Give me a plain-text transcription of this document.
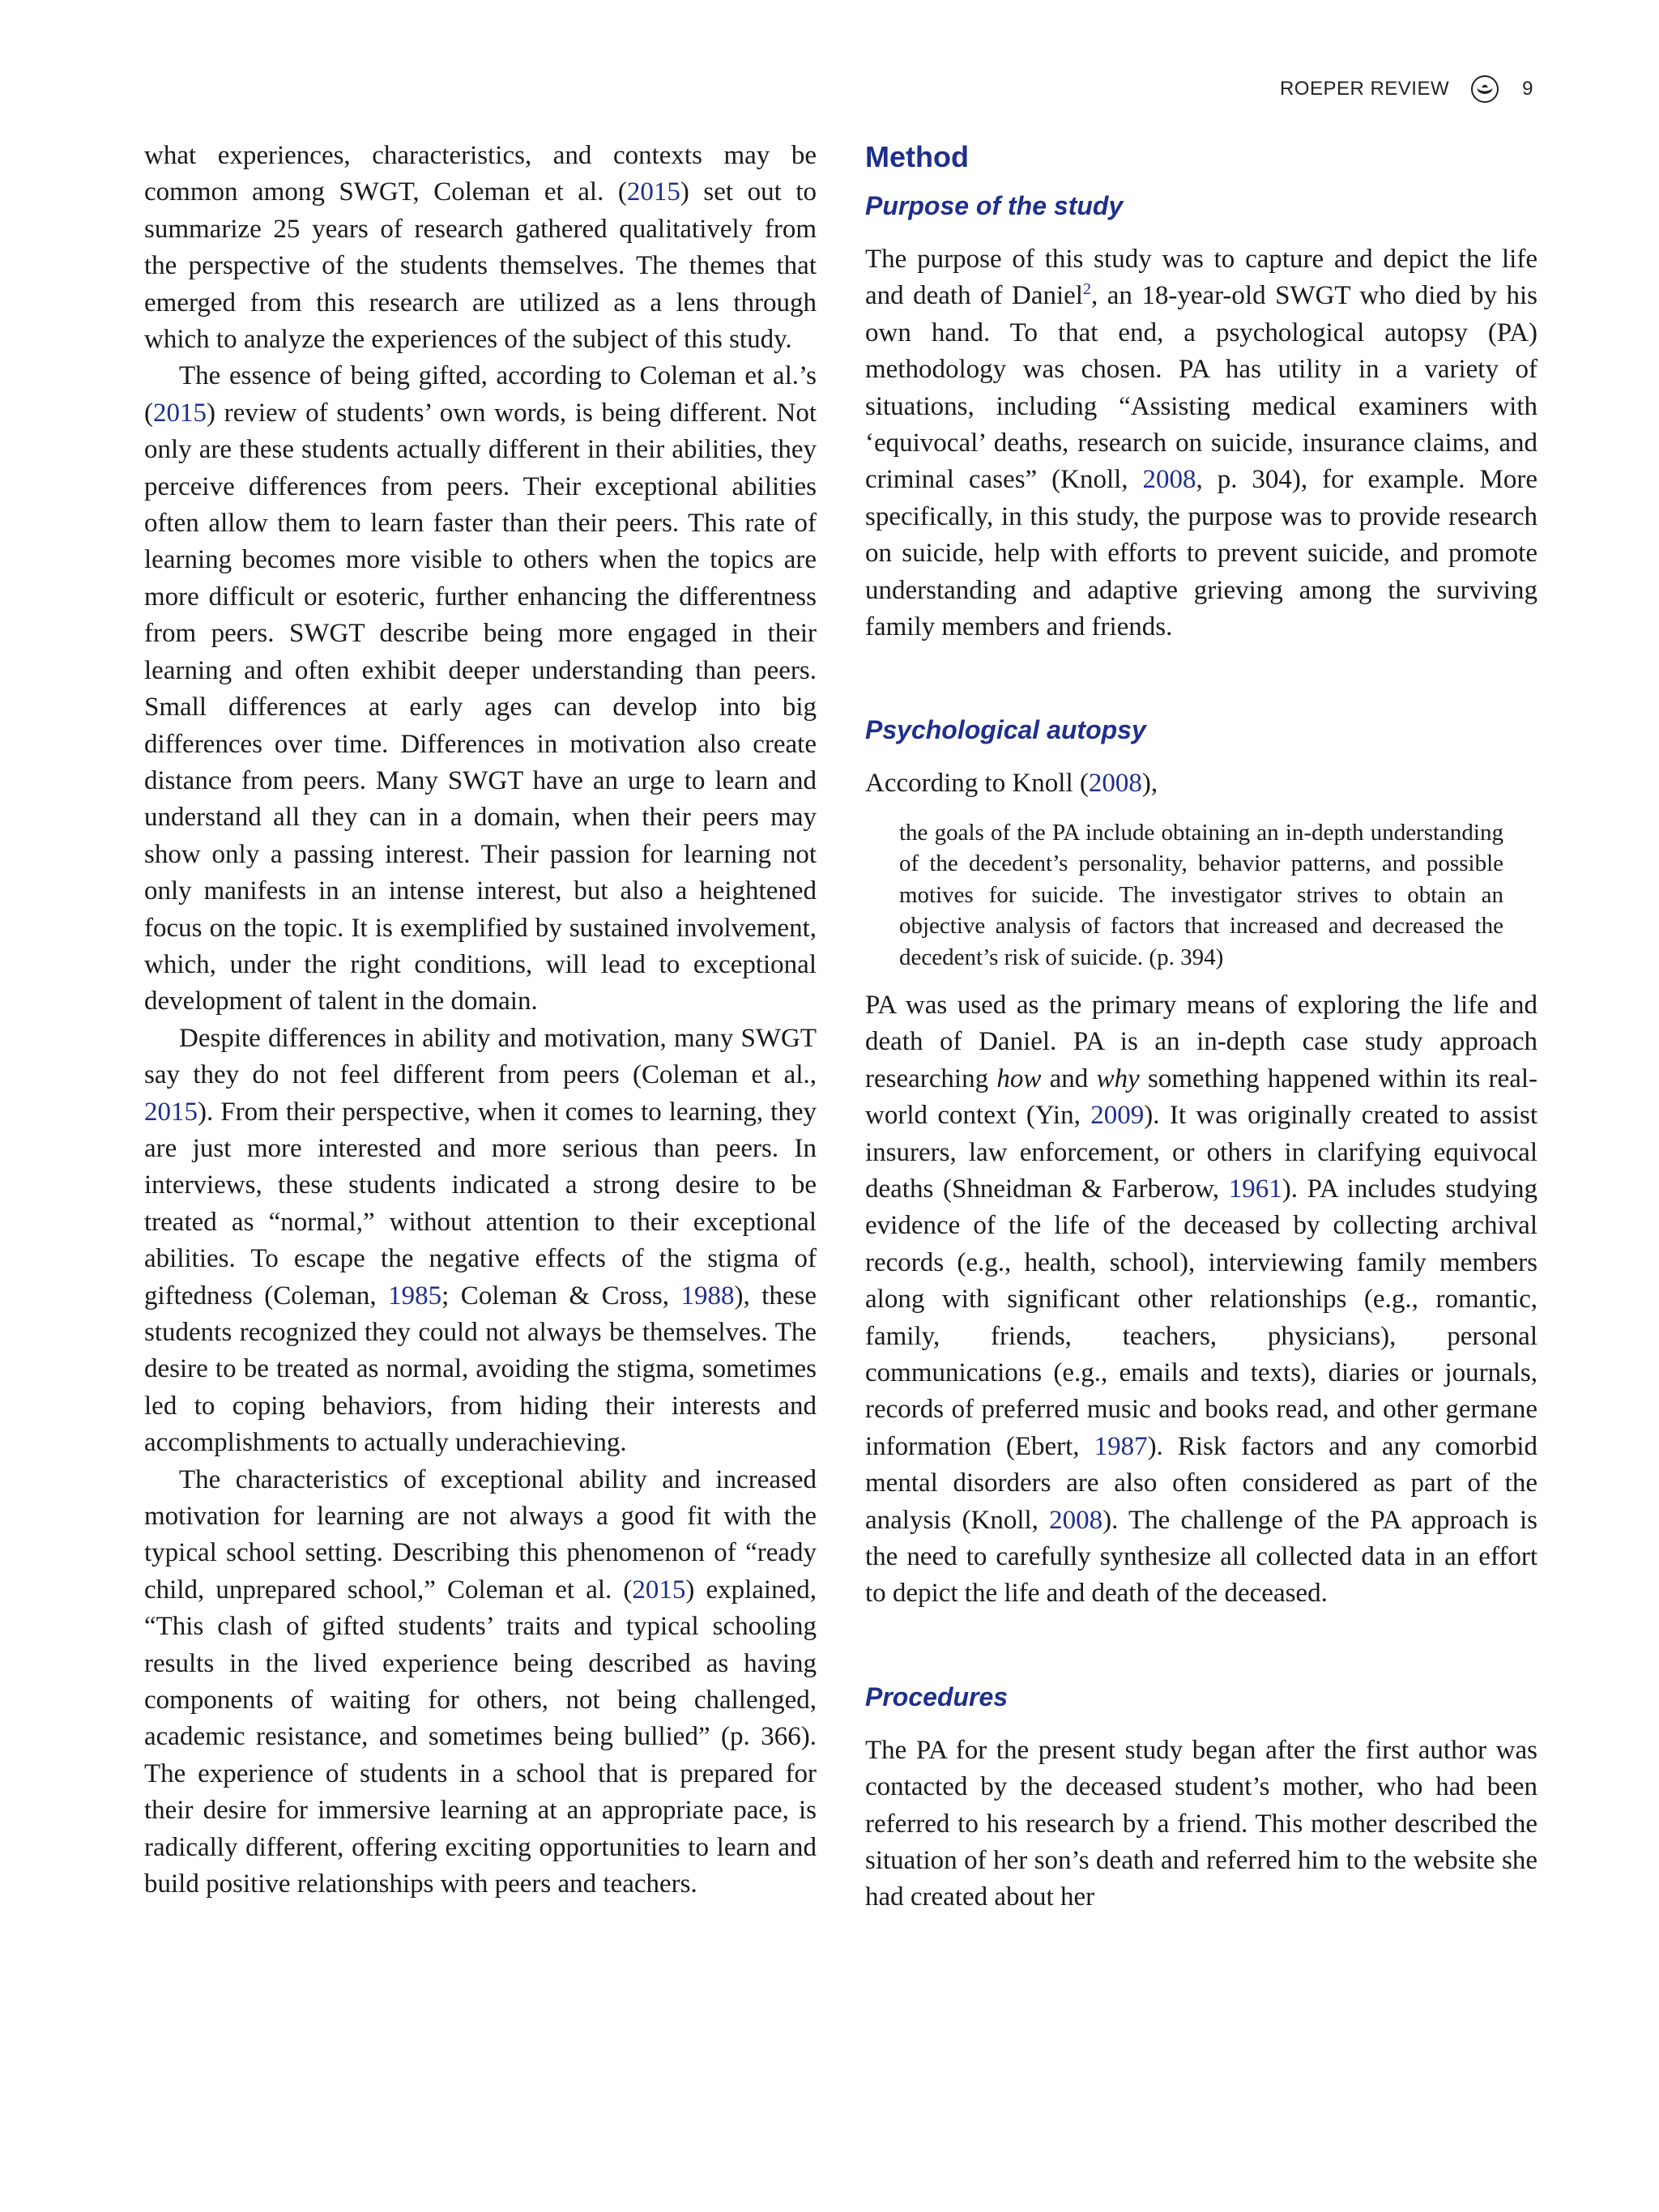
ROEPER REVIEW	9

what experiences, characteristics, and contexts may be common among SWGT, Coleman et al. (2015) set out to summarize 25 years of research gathered qualitatively from the perspective of the students themselves. The themes that emerged from this research are utilized as a lens through which to analyze the experiences of the subject of this study.

The essence of being gifted, according to Coleman et al.’s (2015) review of students’ own words, is being different. Not only are these students actually different in their abilities, they perceive differences from peers. Their exceptional abilities often allow them to learn faster than their peers. This rate of learning becomes more visible to others when the topics are more difficult or esoteric, further enhancing the differentness from peers. SWGT describe being more engaged in their learning and often exhibit deeper understanding than peers. Small differences at early ages can develop into big differences over time. Differences in motivation also create distance from peers. Many SWGT have an urge to learn and understand all they can in a domain, when their peers may show only a passing interest. Their passion for learning not only manifests in an intense interest, but also a heightened focus on the topic. It is exemplified by sustained involvement, which, under the right conditions, will lead to exceptional development of talent in the domain.

Despite differences in ability and motivation, many SWGT say they do not feel different from peers (Coleman et al., 2015). From their perspective, when it comes to learning, they are just more interested and more serious than peers. In interviews, these students indicated a strong desire to be treated as “normal,” without attention to their exceptional abilities. To escape the negative effects of the stigma of giftedness (Coleman, 1985; Coleman & Cross, 1988), these students recognized they could not always be themselves. The desire to be treated as normal, avoiding the stigma, sometimes led to coping behaviors, from hiding their interests and accomplishments to actually underachieving.

The characteristics of exceptional ability and increased motivation for learning are not always a good fit with the typical school setting. Describing this phenomenon of “ready child, unprepared school,” Coleman et al. (2015) explained, “This clash of gifted students’ traits and typical schooling results in the lived experience being described as having components of waiting for others, not being challenged, academic resistance, and sometimes being bullied” (p. 366). The experience of students in a school that is prepared for their desire for immersive learning at an appropriate pace, is radically different, offering exciting opportunities to learn and build positive relationships with peers and teachers.

Method
Purpose of the study

The purpose of this study was to capture and depict the life and death of Daniel$^2$, an 18-year-old SWGT who died by his own hand. To that end, a psychological autopsy (PA) methodology was chosen. PA has utility in a variety of situations, including “Assisting medical examiners with ‘equivocal’ deaths, research on suicide, insurance claims, and criminal cases” (Knoll, 2008, p. 304), for example. More specifically, in this study, the purpose was to provide research on suicide, help with efforts to prevent suicide, and promote understanding and adaptive grieving among the surviving family members and friends.

Psychological autopsy

According to Knoll (2008),

the goals of the PA include obtaining an in-depth understanding of the decedent’s personality, behavior patterns, and possible motives for suicide. The investigator strives to obtain an objective analysis of factors that increased and decreased the decedent’s risk of suicide. (p. 394)

PA was used as the primary means of exploring the life and death of Daniel. PA is an in-depth case study approach researching how and why something happened within its real-world context (Yin, 2009). It was originally created to assist insurers, law enforcement, or others in clarifying equivocal deaths (Shneidman & Farberow, 1961). PA includes studying evidence of the life of the deceased by collecting archival records (e.g., health, school), interviewing family members along with significant other relationships (e.g., romantic, family, friends, teachers, physicians), personal communications (e.g., emails and texts), diaries or journals, records of preferred music and books read, and other germane information (Ebert, 1987). Risk factors and any comorbid mental disorders are also often considered as part of the analysis (Knoll, 2008). The challenge of the PA approach is the need to carefully synthesize all collected data in an effort to depict the life and death of the deceased.

Procedures

The PA for the present study began after the first author was contacted by the deceased student’s mother, who had been referred to his research by a friend. This mother described the situation of her son’s death and referred him to the website she had created about her
